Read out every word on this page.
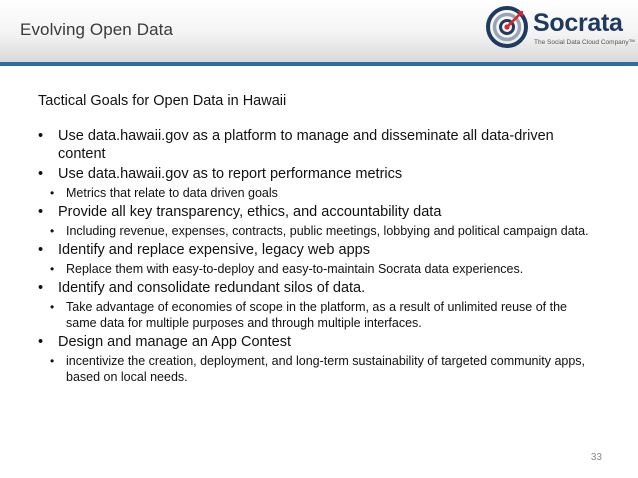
Evolving Open Data	Socrata
The Social Data Cloud Company™
Tactical Goals for Open Data in Hawaii
• Use data.hawaii.gov as a platform to manage and disseminate all data-driven content
• Use data.hawaii.gov as to report performance metrics
• Metrics that relate to data driven goals
• Provide all key transparency, ethics, and accountability data
• Including revenue, expenses, contracts, public meetings, lobbying and political campaign data.
• Identify and replace expensive, legacy web apps
• Replace them with easy-to-deploy and easy-to-maintain Socrata data experiences.
• Identify and consolidate redundant silos of data.
• Take advantage of economies of scope in the platform, as a result of unlimited reuse of the same data for multiple purposes and through multiple interfaces.
• Design and manage an App Contest
• incentivize the creation, deployment, and long-term sustainability of targeted community apps, based on local needs.
33
